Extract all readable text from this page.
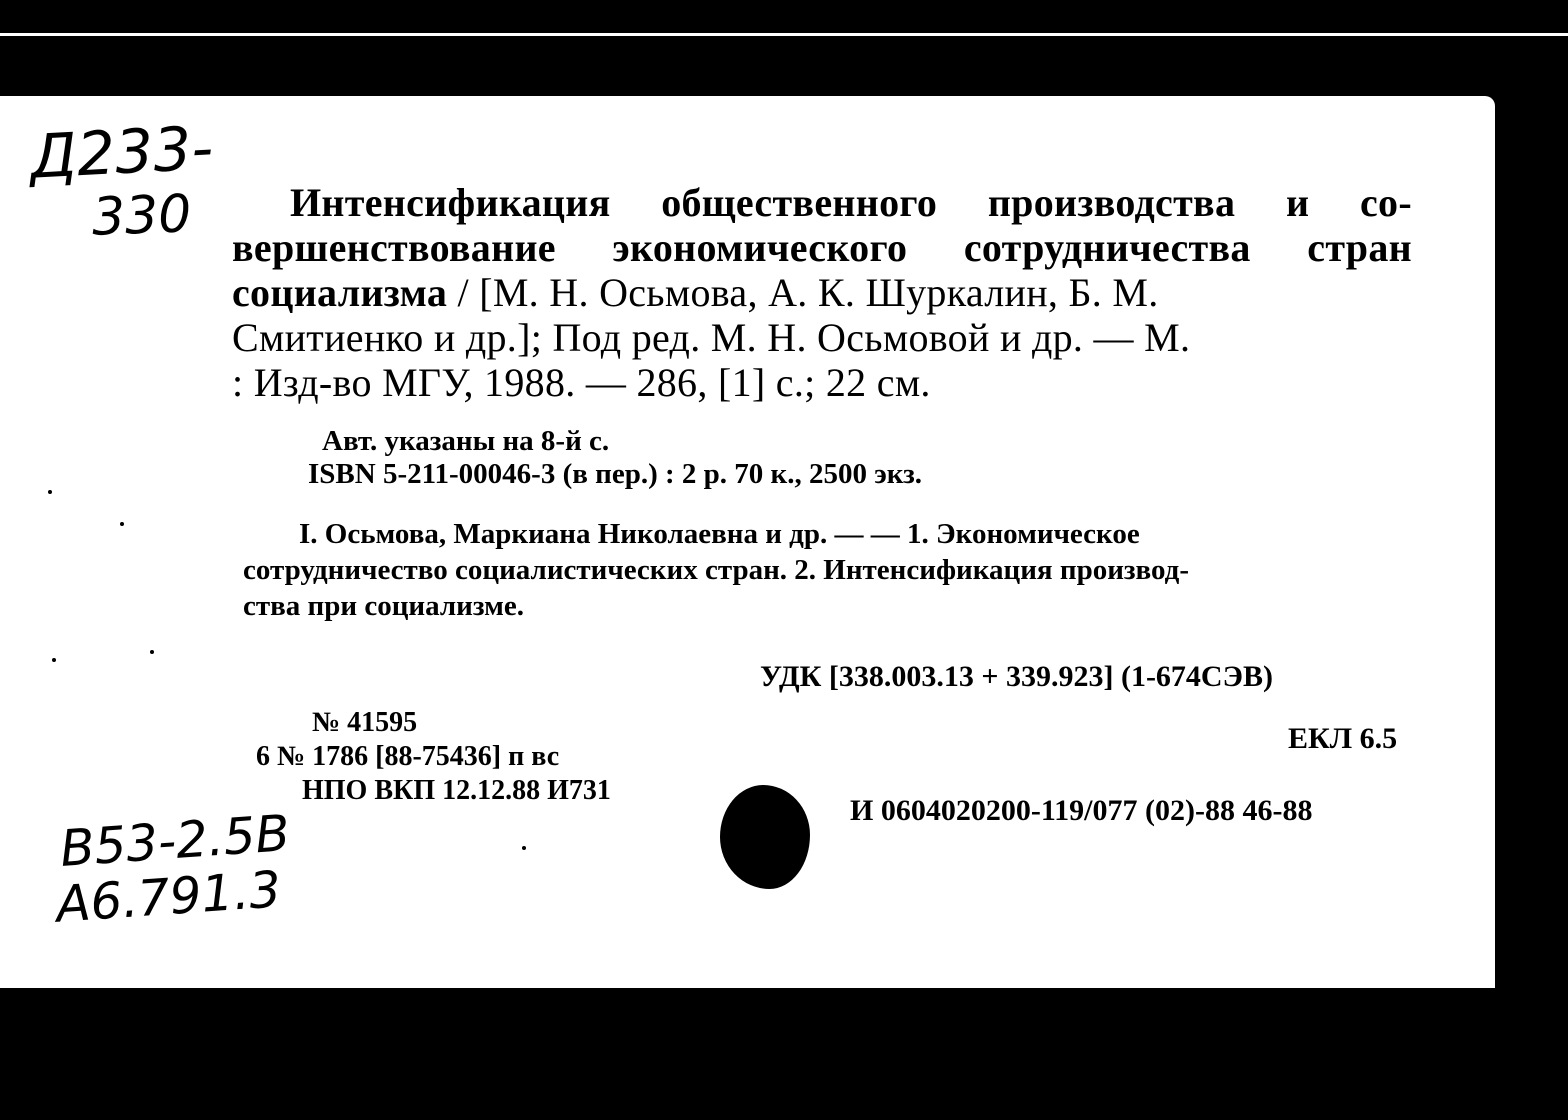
Д233-
330 Интенсификация общественного производства и со-
вершенствование экономического сотрудничества стран
социализма / [М. Н. Осьмова, А. К. Шуркалин, Б. М.
Смитиенко и др.]; Под ред. М. Н. Осьмовой и др. — М.
: Изд-во МГУ, 1988. — 286, [1] с.; 22 см.
Авт. указаны на 8-й с.
ISBN 5-211-00046-3 (в пер.) : 2 р. 70 к., 2500 экз.
I. Осьмова, Маркиана Николаевна и др. — — 1. Экономическое
сотрудничество социалистических стран. 2. Интенсификация производ-
ства при социализме.
УДК [338.003.13 + 339.923] (1-674СЭВ)
ЕКЛ 6.5
И 0604020200-119/077 (02)-88 46-88
№ 41595
6 № 1786 [88-75436] п вс
НПО ВКП 12.12.88 И731
В53-2.5В
А6.791.3
